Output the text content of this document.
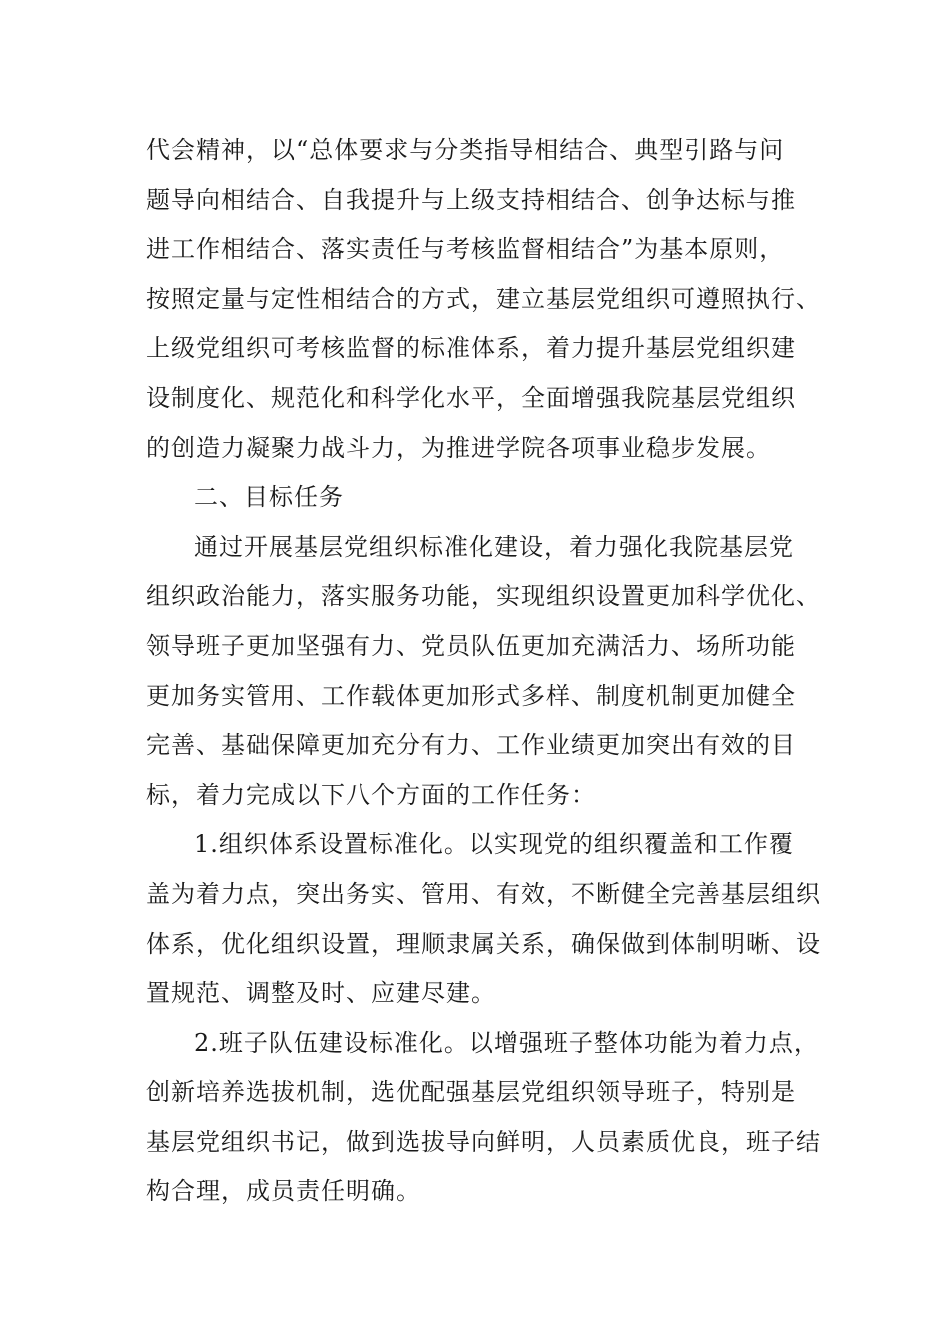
代会精神，以“总体要求与分类指导相结合、典型引路与问
题导向相结合、自我提升与上级支持相结合、创争达标与推
进工作相结合、落实责任与考核监督相结合”为基本原则，
按照定量与定性相结合的方式，建立基层党组织可遵照执行、
上级党组织可考核监督的标准体系，着力提升基层党组织建
设制度化、规范化和科学化水平，全面增强我院基层党组织
的创造力凝聚力战斗力，为推进学院各项事业稳步发展。
二、目标任务
通过开展基层党组织标准化建设，着力强化我院基层党
组织政治能力，落实服务功能，实现组织设置更加科学优化、
领导班子更加坚强有力、党员队伍更加充满活力、场所功能
更加务实管用、工作载体更加形式多样、制度机制更加健全
完善、基础保障更加充分有力、工作业绩更加突出有效的目
标，着力完成以下八个方面的工作任务：
1.组织体系设置标准化。以实现党的组织覆盖和工作覆
盖为着力点，突出务实、管用、有效，不断健全完善基层组织
体系，优化组织设置，理顺隶属关系，确保做到体制明晰、设
置规范、调整及时、应建尽建。
2.班子队伍建设标准化。以增强班子整体功能为着力点，
创新培养选拔机制，选优配强基层党组织领导班子，特别是
基层党组织书记，做到选拔导向鲜明，人员素质优良，班子结
构合理，成员责任明确。
